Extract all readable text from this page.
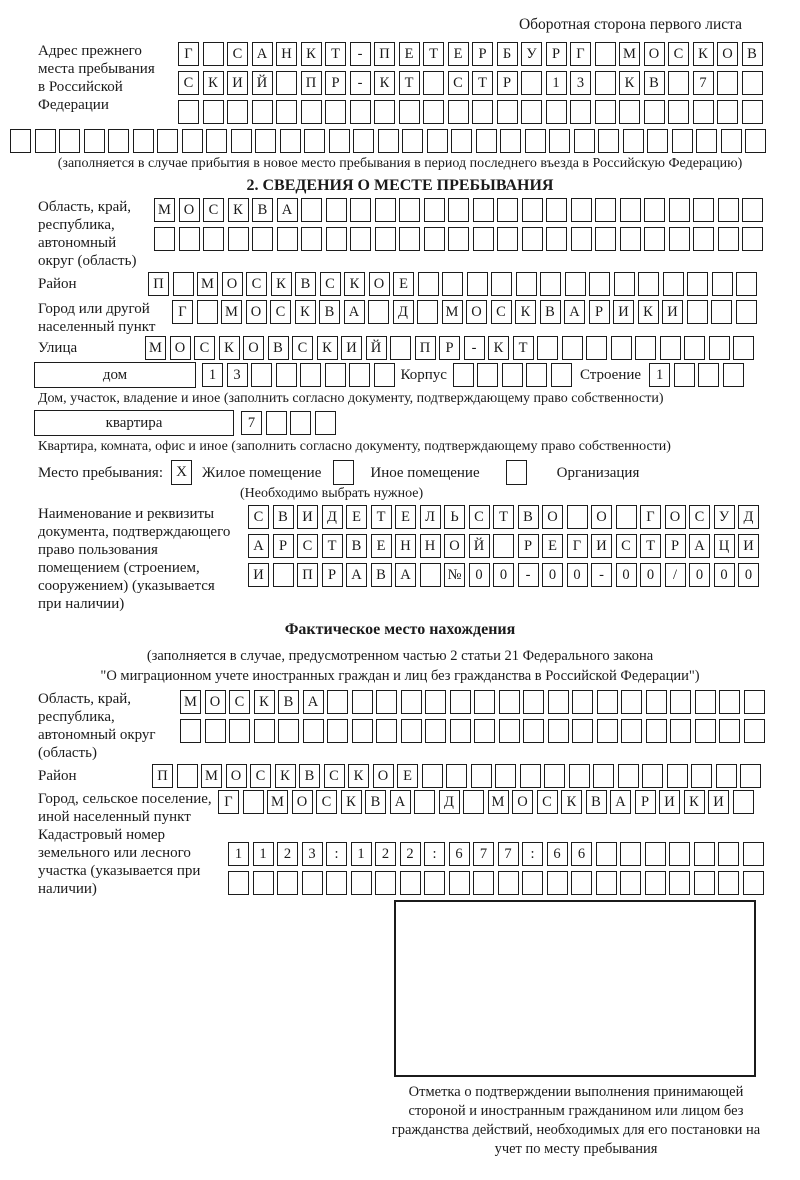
Оборотная сторона первого листа
Адрес прежнего места пребывания в Российской Федерации
Г	С А Н К	Т	-	П	Е	Т	Е	Р	Б	У	Р	Г	М О С	К О В
С	К И Й	П	Р	-	К	Т	С	Т	Р	1	3	К	В	7
(заполняется в случае прибытия в новое место пребывания в период последнего въезда в Российскую Федерацию)
2. СВЕДЕНИЯ О МЕСТЕ ПРЕБЫВАНИЯ
Область, край, республика, автономный округ (область)
М О С	К	В А
Район	П	М О С	К	В	С	К О	Е
Город или другой населенный пункт
Г	М О С	К	В А	Д	М О С	К	В А	Р	И К И
Улица	М О С	К О В	С	К И Й	П	Р	-	К	Т
дом	1	3	Корпус	Строение	1
Дом, участок, владение и иное (заполнить согласно документу, подтверждающему право собственности)
квартира	7
Квартира, комната, офис и иное (заполнить согласно документу, подтверждающему право собственности)
Место пребывания: X	Жилое помещение	Иное помещение	Организация
(Необходимо выбрать нужное)
Наименование и реквизиты документа, подтверждающего право пользования помещением (строением, сооружением) (указывается при наличии)
С	В И Д	Е	Т	Е	Л	Ь	С	Т	В О	О	Г	О С	У Д
А	Р	С	Т	В	Е	Н Н О Й	Р	Е	Г	И С	Т	Р	А Ц И
И	П	Р	А В А	№ 0	0	-	0	0	-	0	0	/	0	0	0
Фактическое место нахождения
(заполняется в случае, предусмотренном частью 2 статьи 21 Федерального закона
"О миграционном учете иностранных граждан и лиц без гражданства в Российской Федерации")
Область, край, республика, автономный округ (область)
М О С	К	В А
Район	П	М О С	К	В	С	К О	Е
Город, сельское поселение, иной населенный пункт
Г	М О С	К	В А	Д	М О С	К	В А	Р	И К И
Кадастровый номер земельного или лесного участка (указывается при наличии)
1	1	2	3	:	1	2	2	:	6	7	7	:	6	6
Отметка о подтверждении выполнения принимающей стороной и иностранным гражданином или лицом без гражданства действий, необходимых для его постановки на учет по месту пребывания
